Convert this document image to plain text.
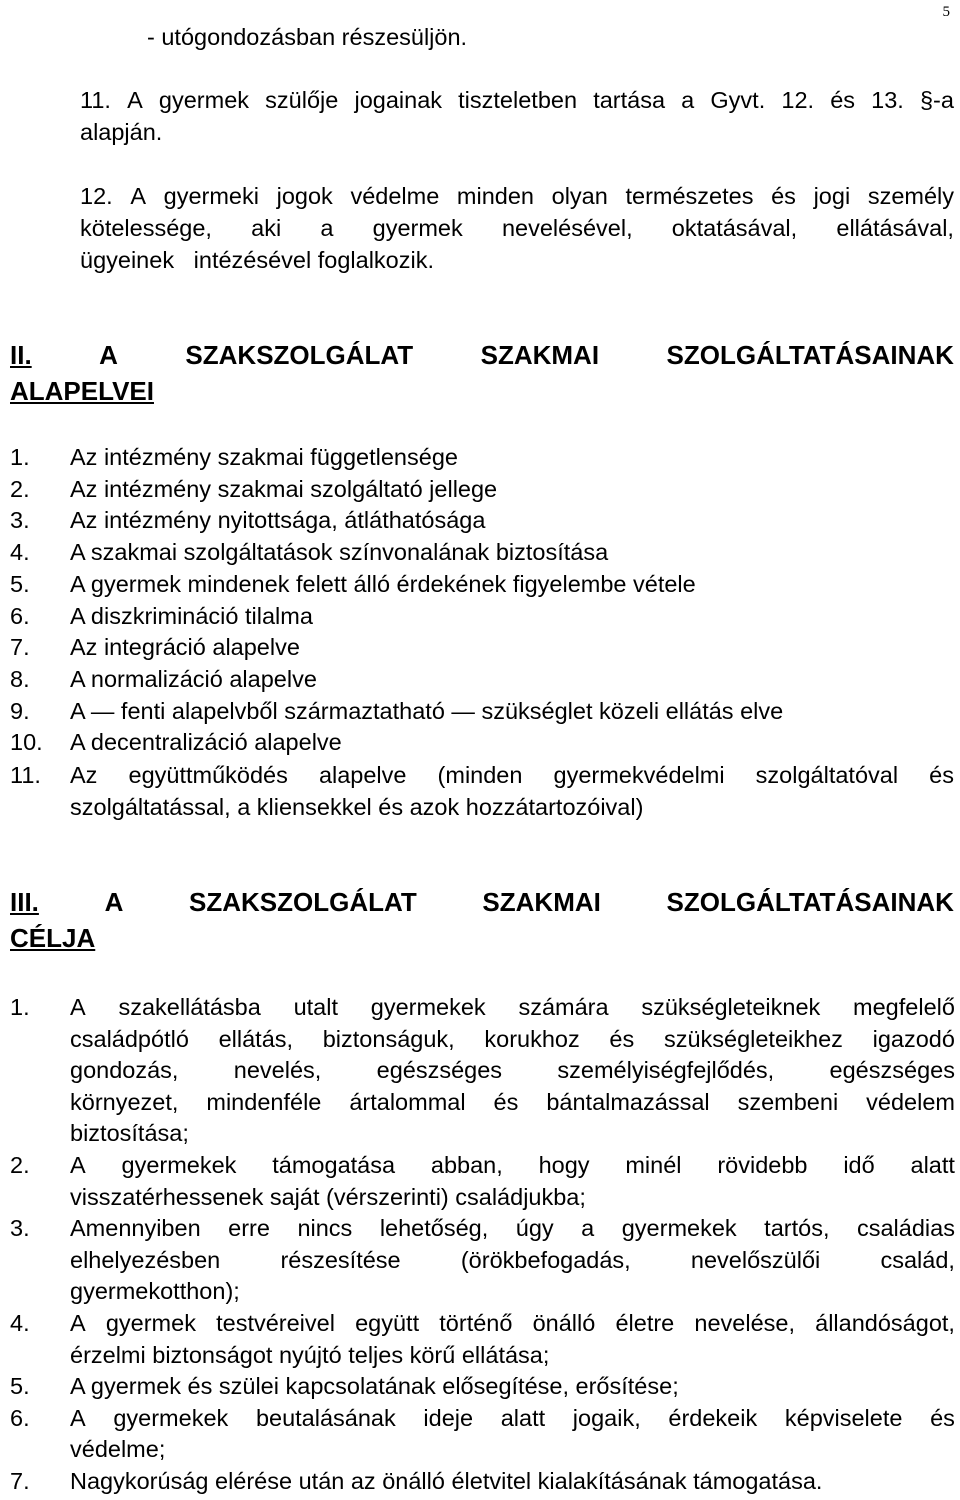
5
- utógondozásban részesüljön.
11. A gyermek szülője jogainak tiszteletben tartása a Gyvt. 12. és 13. §-a
alapján.
12. A gyermeki jogok védelme minden olyan természetes és jogi személy
kötelessége, aki a gyermek nevelésével, oktatásával, ellátásával,
ügyeinek   intézésével foglalkozik.
II.	A	SZAKSZOLGÁLAT	SZAKMAI	SZOLGÁLTATÁSAINAK
ALAPELVEI
1.	Az intézmény szakmai függetlensége
2.	Az intézmény szakmai szolgáltató jellege
3.	Az intézmény nyitottsága, átláthatósága
4.	A szakmai szolgáltatások színvonalának biztosítása
5.	A gyermek mindenek felett álló érdekének figyelembe vétele
6.	A diszkrimináció tilalma
7.	Az integráció alapelve
8.	A normalizáció alapelve
9.	A — fenti alapelvből származtatható — szükséglet közeli ellátás elve
10.	A decentralizáció alapelve
11.	Az együttműködés alapelve (minden gyermekvédelmi szolgáltatóval és
szolgáltatással, a kliensekkel és azok hozzátartozóival)
III.	A	SZAKSZOLGÁLAT	SZAKMAI	SZOLGÁLTATÁSAINAK
CÉLJA
1.	A szakellátásba utalt gyermekek számára szükségleteiknek megfelelő
családpótló ellátás, biztonságuk, korukhoz és szükségleteikhez igazodó
gondozás, nevelés, egészséges személyiségfejlődés, egészséges
környezet, mindenféle ártalommal és bántalmazással szembeni védelem
biztosítása;
2.	A gyermekek támogatása abban, hogy minél rövidebb idő alatt
visszatérhessenek saját (vérszerinti) családjukba;
3.	Amennyiben erre nincs lehetőség, úgy a gyermekek tartós, családias
elhelyezésben	részesítése	(örökbefogadás,	nevelőszülői	család,
gyermekotthon);
4.	A gyermek testvéreivel együtt történő önálló életre nevelése, állandóságot,
érzelmi biztonságot nyújtó teljes körű ellátása;
5.	A gyermek és szülei kapcsolatának elősegítése, erősítése;
6.	A gyermekek beutalásának ideje alatt jogaik, érdekeik képviselete és
védelme;
7.	Nagykorúság elérése után az önálló életvitel kialakításának támogatása.
